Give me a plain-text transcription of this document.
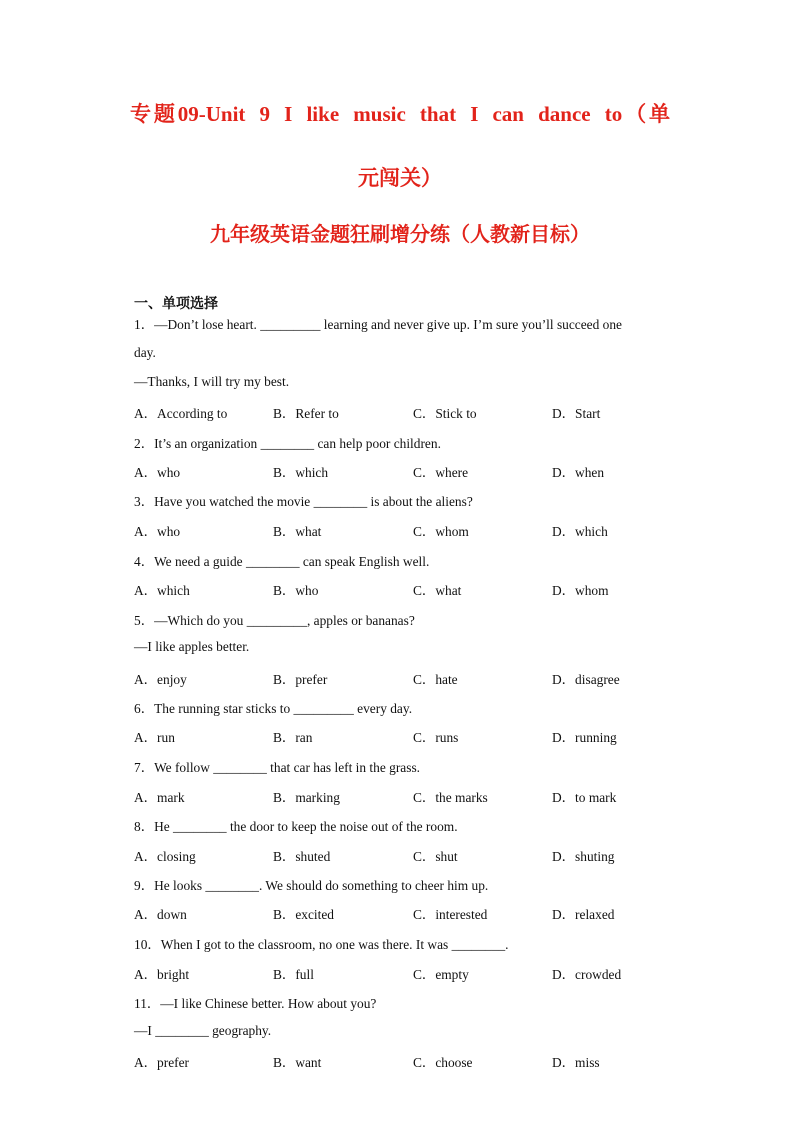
专题09-Unit 9 I like music that I can dance to（单
元闯关）
九年级英语金题狂刷增分练（人教新目标）
一、单项选择
1．—Don’t lose heart. _________ learning and never give up. I’m sure you’ll succeed one
day.
—Thanks, I will try my best.
A．According to	B．Refer to	C．Stick to	D．Start
2．It’s an organization ________ can help poor children.
A．who	B．which	C．where	D．when
3．Have you watched the movie ________ is about the aliens?
A．who	B．what	C．whom	D．which
4．We need a guide ________ can speak English well.
A．which	B．who	C．what	D．whom
5．—Which do you _________, apples or bananas?
—I like apples better.
A．enjoy	B．prefer	C．hate	D．disagree
6．The running star sticks to _________ every day.
A．run	B．ran	C．runs	D．running
7．We follow ________ that car has left in the grass.
A．mark	B．marking	C．the marks	D．to mark
8．He ________ the door to keep the noise out of the room.
A．closing	B．shuted	C．shut	D．shuting
9．He looks ________. We should do something to cheer him up.
A．down	B．excited	C．interested	D．relaxed
10．When I got to the classroom, no one was there. It was ________.
A．bright	B．full	C．empty	D．crowded
11．—I like Chinese better. How about you?
—I ________ geography.
A．prefer	B．want	C．choose	D．miss
